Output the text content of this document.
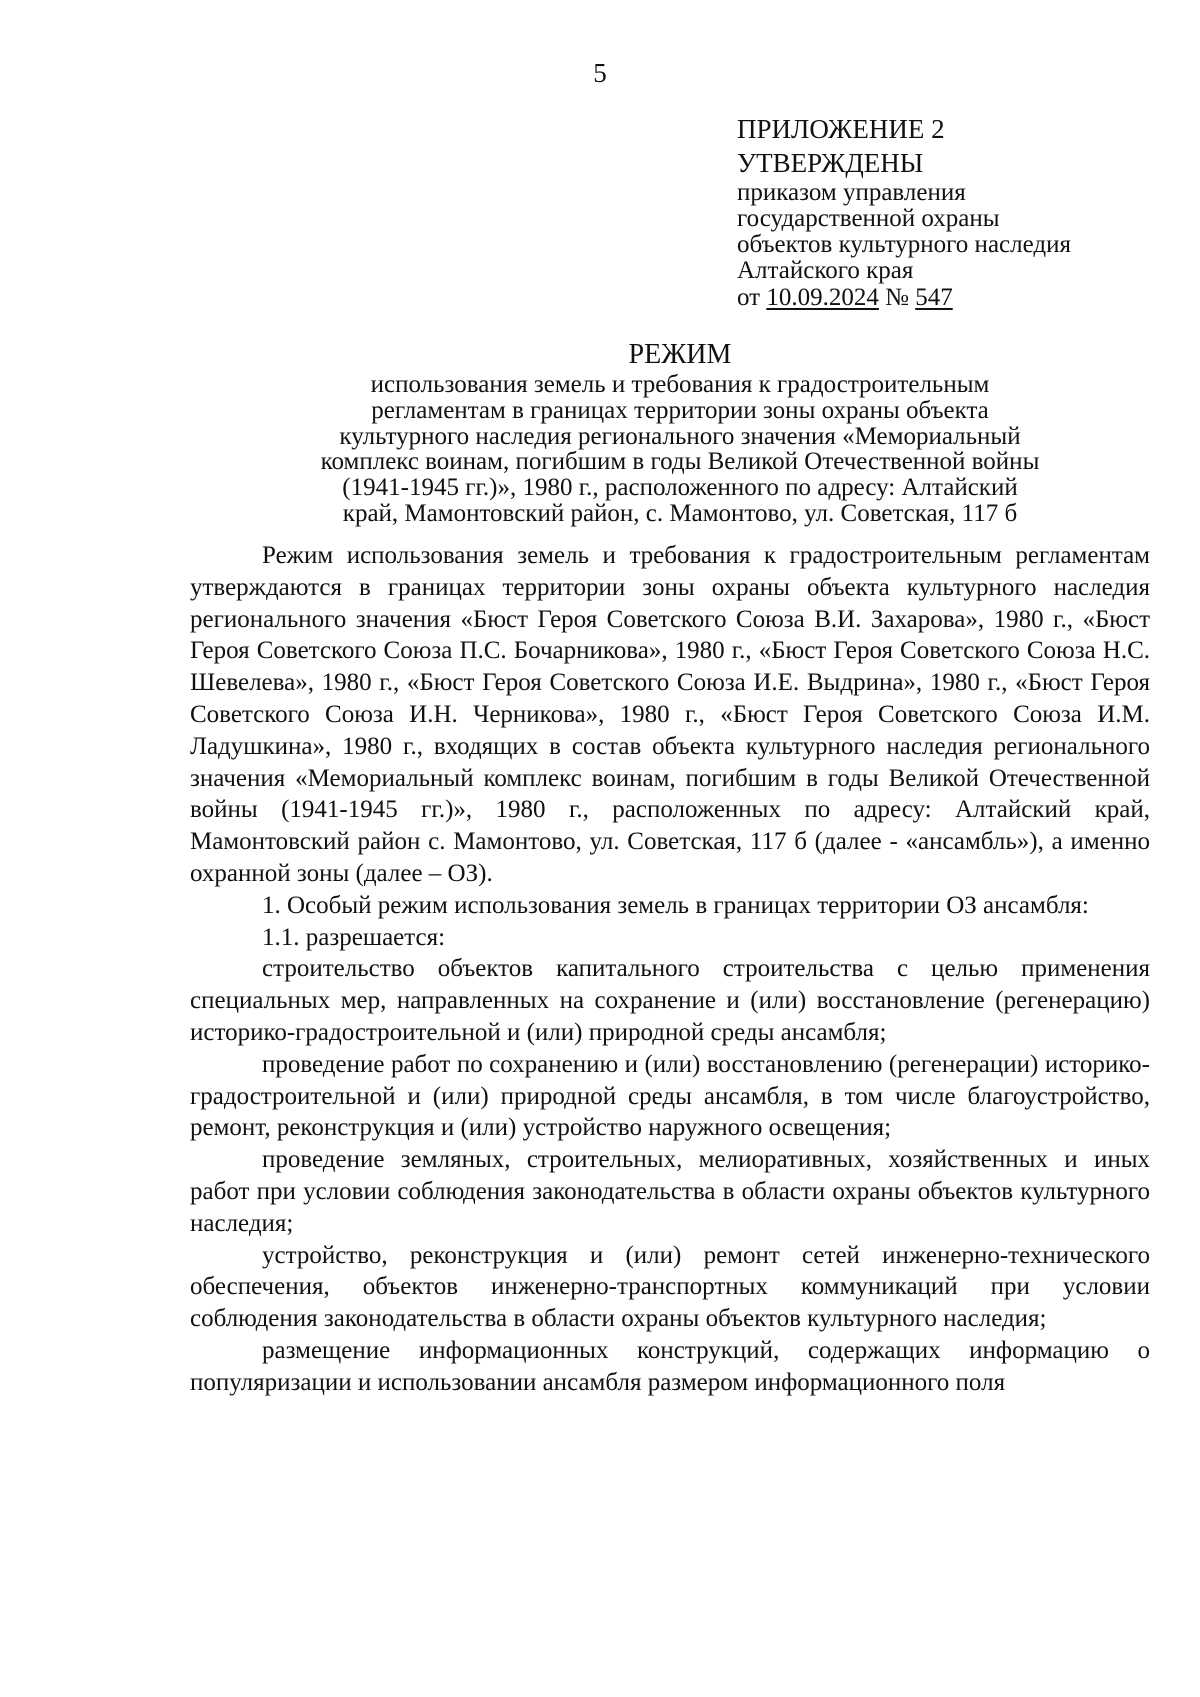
5
ПРИЛОЖЕНИЕ 2
УТВЕРЖДЕНЫ
приказом управления
государственной охраны
объектов культурного наследия
Алтайского края
от 10.09.2024 № 547
РЕЖИМ
использования земель и требования к градостроительным
регламентам в границах территории зоны охраны объекта
культурного наследия регионального значения «Мемориальный
комплекс воинам, погибшим в годы Великой Отечественной войны
(1941-1945 гг.)», 1980 г., расположенного по адресу: Алтайский
край, Мамонтовский район, с. Мамонтово, ул. Советская, 117 б

Режим использования земель и требования к градостроительным регламентам утверждаются в границах территории зоны охраны объекта культурного наследия регионального значения «Бюст Героя Советского Союза В.И. Захарова», 1980 г., «Бюст Героя Советского Союза П.С. Бочарникова», 1980 г., «Бюст Героя Советского Союза Н.С. Шевелева», 1980 г., «Бюст Героя Советского Союза И.Е. Выдрина», 1980 г., «Бюст Героя Советского Союза И.Н. Черникова», 1980 г., «Бюст Героя Советского Союза И.М. Ладушкина», 1980 г., входящих в состав объекта культурного наследия регионального значения «Мемориальный комплекс воинам, погибшим в годы Великой Отечественной войны (1941-1945 гг.)», 1980 г., расположенных по адресу: Алтайский край, Мамонтовский район с. Мамонтово, ул. Советская, 117 б (далее - «ансамбль»), а именно охранной зоны (далее – ОЗ).

1. Особый режим использования земель в границах территории ОЗ ансамбля:

1.1. разрешается:

строительство объектов капитального строительства с целью применения специальных мер, направленных на сохранение и (или) восстановление (регенерацию) историко-градостроительной и (или) природной среды ансамбля;

проведение работ по сохранению и (или) восстановлению (регенерации) историко-градостроительной и (или) природной среды ансамбля, в том числе благоустройство, ремонт, реконструкция и (или) устройство наружного освещения;

проведение земляных, строительных, мелиоративных, хозяйственных и иных работ при условии соблюдения законодательства в области охраны объектов культурного наследия;

устройство, реконструкция и (или) ремонт сетей инженерно-технического обеспечения, объектов инженерно-транспортных коммуникаций при условии соблюдения законодательства в области охраны объектов культурного наследия;

размещение информационных конструкций, содержащих информацию о популяризации и использовании ансамбля размером информационного поля
